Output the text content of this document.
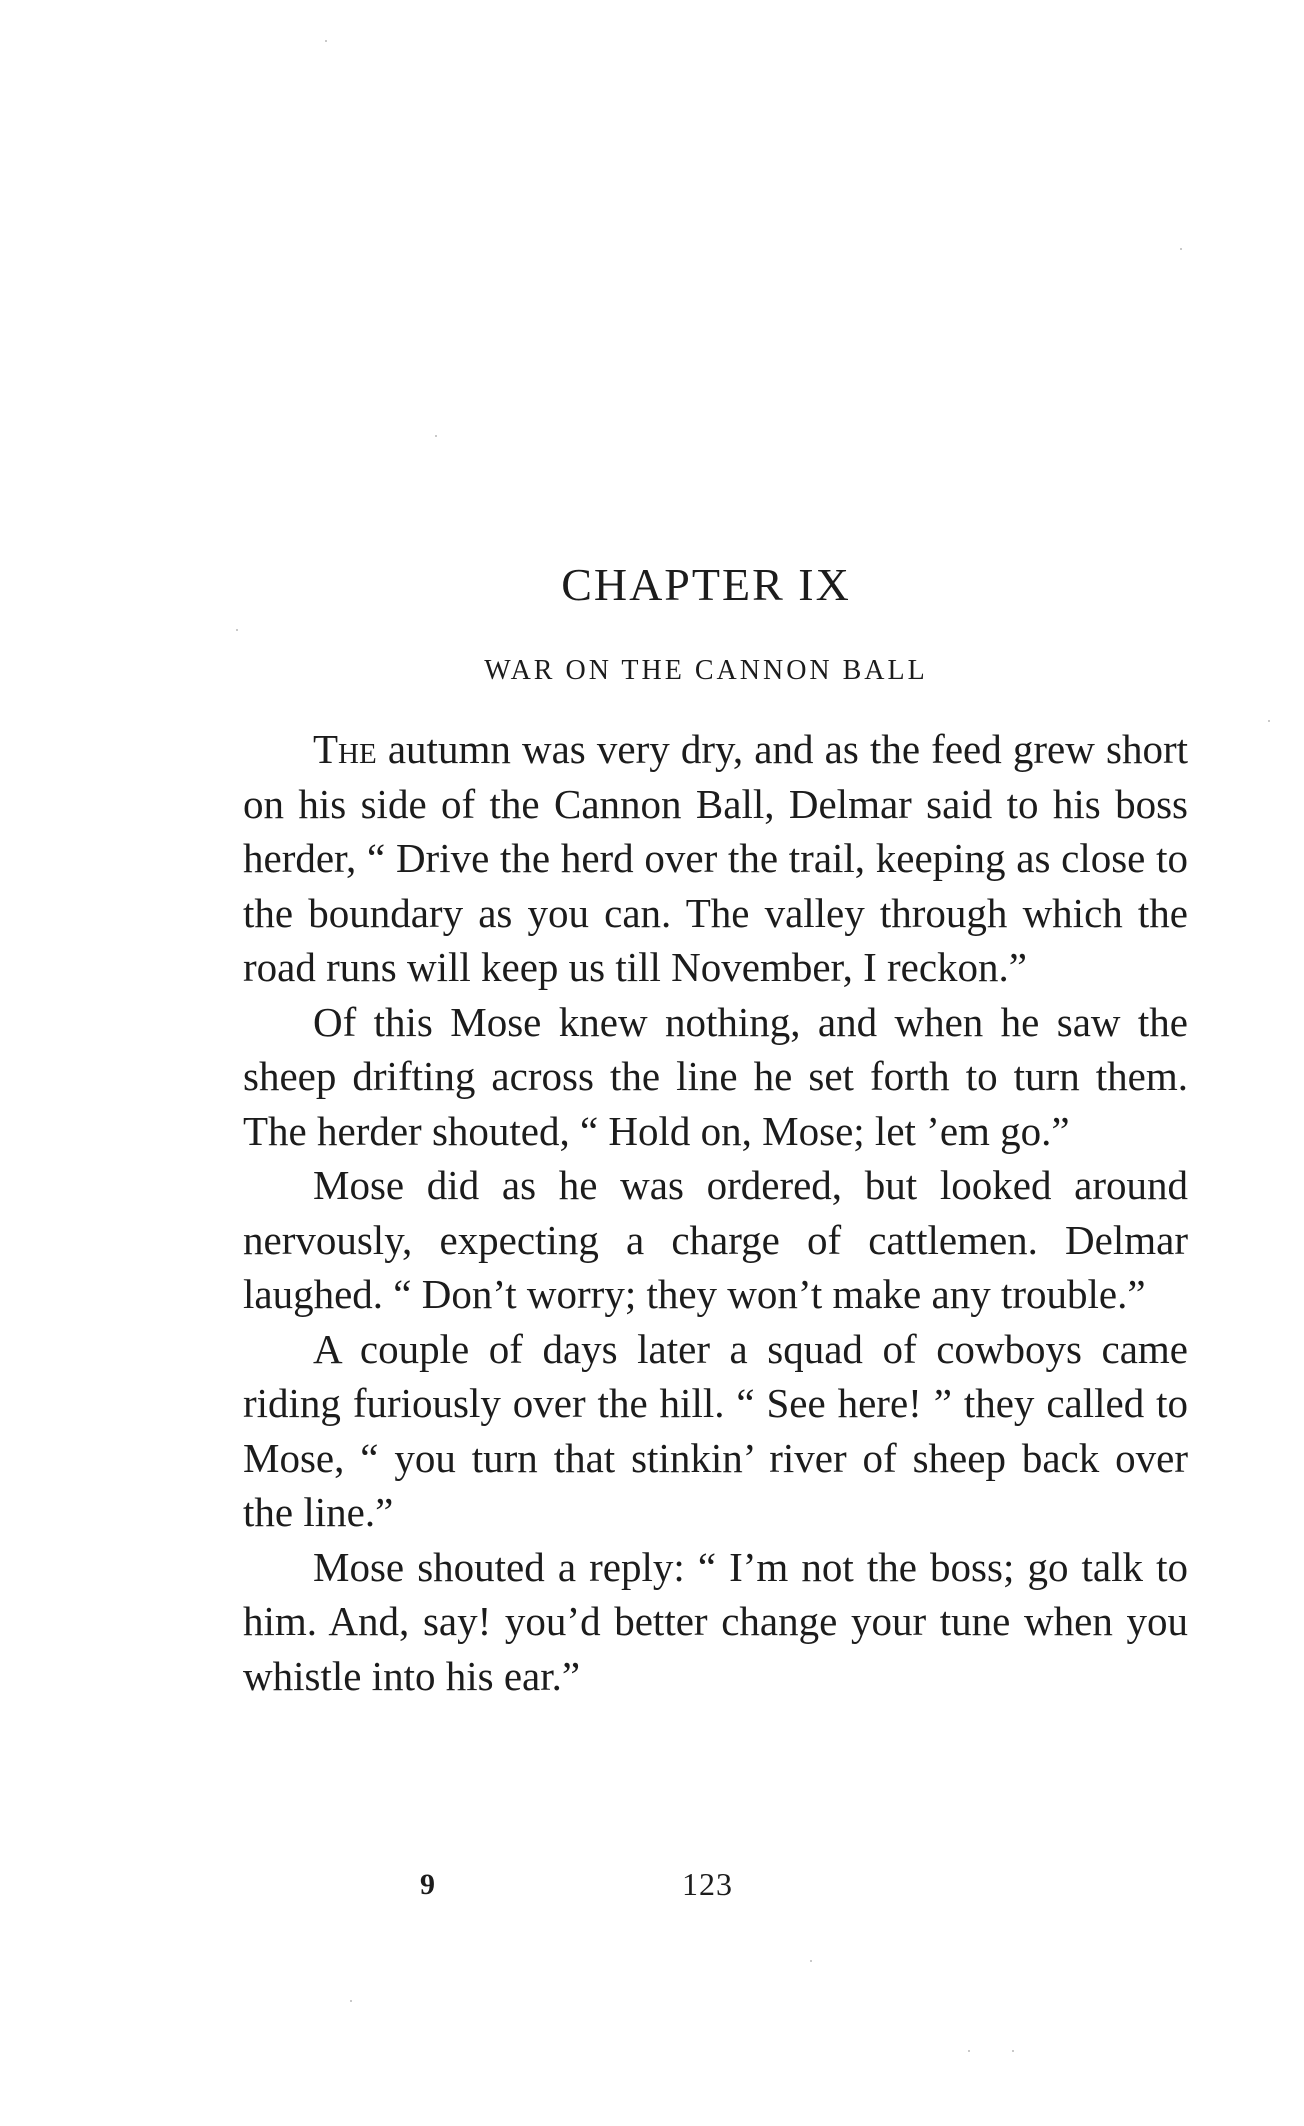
CHAPTER IX
WAR ON THE CANNON BALL

The autumn was very dry, and as the feed grew short on his side of the Cannon Ball, Delmar said to his boss herder, “ Drive the herd over the trail, keeping as close to the boundary as you can. The valley through which the road runs will keep us till November, I reckon.”

Of this Mose knew nothing, and when he saw the sheep drifting across the line he set forth to turn them. The herder shouted, “ Hold on, Mose; let ’em go.”

Mose did as he was ordered, but looked around nervously, expecting a charge of cattlemen. Delmar laughed. “ Don’t worry; they won’t make any trouble.”

A couple of days later a squad of cowboys came riding furiously over the hill. “ See here! ” they called to Mose, “ you turn that stinkin’ river of sheep back over the line.”

Mose shouted a reply: “ I’m not the boss; go talk to him. And, say! you’d better change your tune when you whistle into his ear.”

9	123
